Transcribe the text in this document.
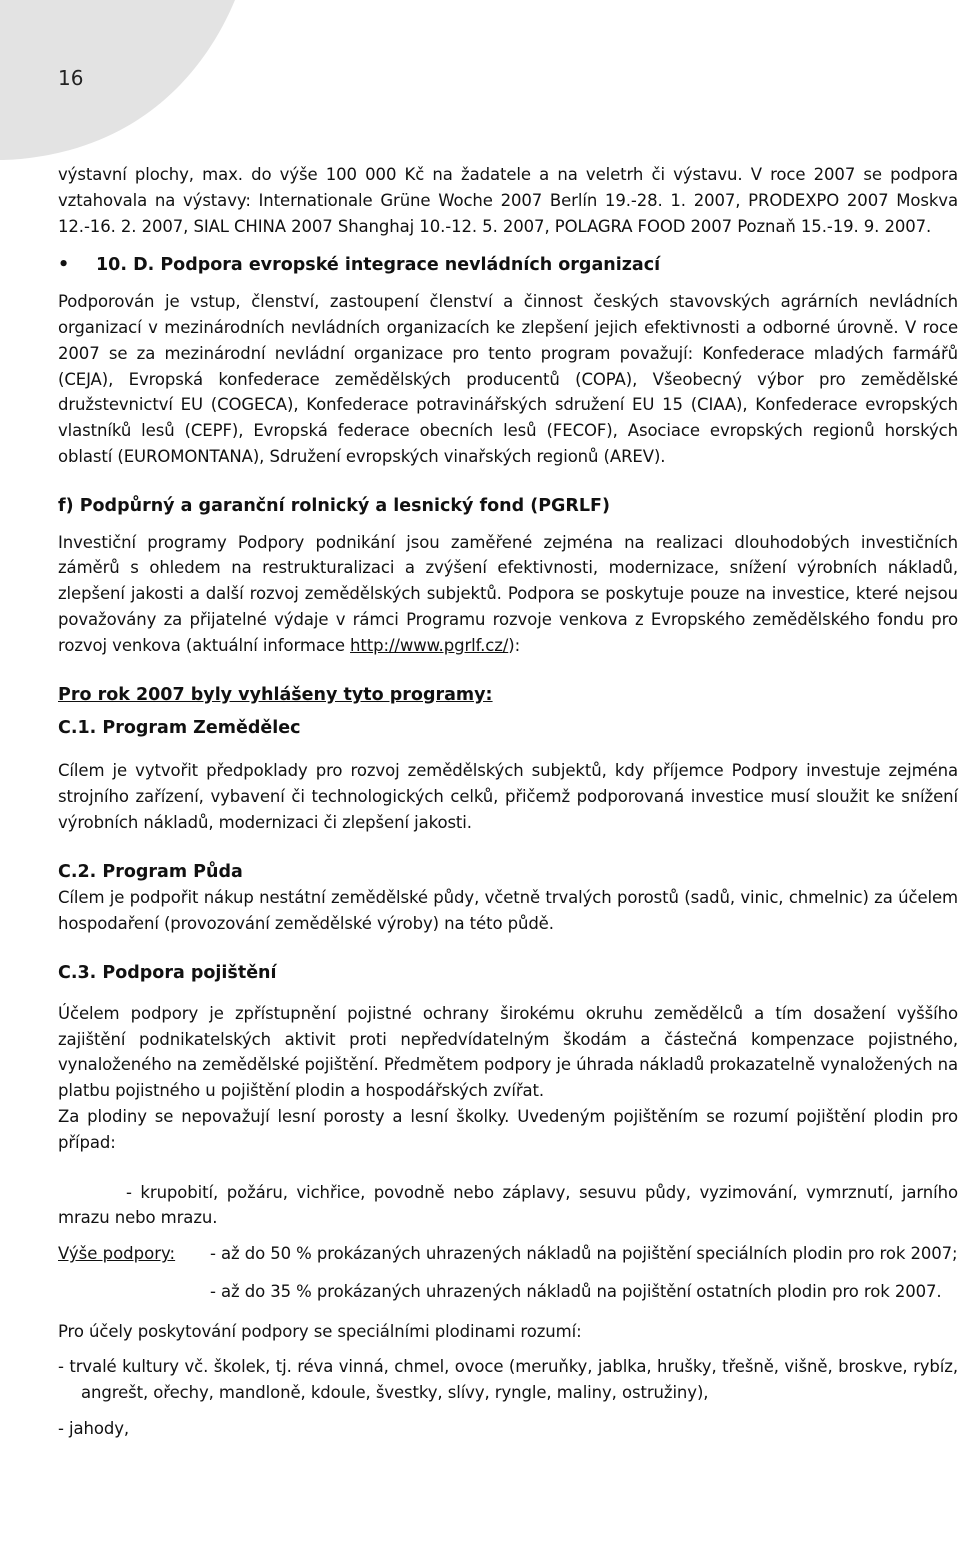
16

výstavní plochy, max. do výše 100 000 Kč na žadatele a na veletrh či výstavu. V roce 2007 se podpora vztahovala na výstavy: Internationale Grüne Woche 2007 Berlín 19.-28. 1. 2007, PRODEXPO 2007 Moskva 12.-16. 2. 2007, SIAL CHINA 2007 Shanghaj 10.-12. 5. 2007, POLAGRA FOOD 2007 Poznaň 15.-19. 9. 2007.

• 10. D. Podpora evropské integrace nevládních organizací

Podporován je vstup, členství, zastoupení členství a činnost českých stavovských agrárních nevládních organizací v mezinárodních nevládních organizacích ke zlepšení jejich efektivnosti a odborné úrovně. V roce 2007 se za mezinárodní nevládní organizace pro tento program považují: Konfederace mladých farmářů (CEJA), Evropská konfederace zemědělských producentů (COPA), Všeobecný výbor pro zemědělské družstevnictví EU (COGECA), Konfederace potravinářských sdružení EU 15 (CIAA), Konfederace evropských vlastníků lesů (CEPF), Evropská federace obecních lesů (FECOF), Asociace evropských regionů horských oblastí (EUROMONTANA), Sdružení evropských vinařských regionů (AREV).

f) Podpůrný a garanční rolnický a lesnický fond (PGRLF)

Investiční programy Podpory podnikání jsou zaměřené zejména na realizaci dlouhodobých investičních záměrů s ohledem na restrukturalizaci a zvýšení efektivnosti, modernizace, snížení výrobních nákladů, zlepšení jakosti a další rozvoj zemědělských subjektů. Podpora se poskytuje pouze na investice, které nejsou považovány za přijatelné výdaje v rámci Programu rozvoje venkova z Evropského zemědělského fondu pro rozvoj venkova (aktuální informace http://www.pgrlf.cz/):

Pro rok 2007 byly vyhlášeny tyto programy:
C.1. Program Zemědělec

Cílem je vytvořit předpoklady pro rozvoj zemědělských subjektů, kdy příjemce Podpory investuje zejména strojního zařízení, vybavení či technologických celků, přičemž podporovaná investice musí sloužit ke snížení výrobních nákladů, modernizaci či zlepšení jakosti.

C.2. Program Půda

Cílem je podpořit nákup nestátní zemědělské půdy, včetně trvalých porostů (sadů, vinic, chmelnic) za účelem hospodaření (provozování zemědělské výroby) na této půdě.

C.3. Podpora pojištění

Účelem podpory je zpřístupnění pojistné ochrany širokému okruhu zemědělců a tím dosažení vyššího zajištění podnikatelských aktivit proti nepředvídatelným škodám a částečná kompenzace pojistného, vynaloženého na zemědělské pojištění. Předmětem podpory je úhrada nákladů prokazatelně vynaložených na platbu pojistného u pojištění plodin a hospodářských zvířat.

Za plodiny se nepovažují lesní porosty a lesní školky. Uvedeným pojištěním se rozumí pojištění plodin pro případ:

- krupobití, požáru, vichřice, povodně nebo záplavy, sesuvu půdy, vyzimování, vymrznutí, jarního mrazu nebo mrazu.

Výše podpory: - až do 50 % prokázaných uhrazených nákladů na pojištění speciálních plodin pro rok 2007;

- až do 35 % prokázaných uhrazených nákladů na pojištění ostatních plodin pro rok 2007.

Pro účely poskytování podpory se speciálními plodinami rozumí:

- trvalé kultury vč. školek, tj. réva vinná, chmel, ovoce (meruňky, jablka, hrušky, třešně, višně, broskve, rybíz, angrešt, ořechy, mandloně, kdoule, švestky, slívy, ryngle, maliny, ostružiny),

- jahody,
